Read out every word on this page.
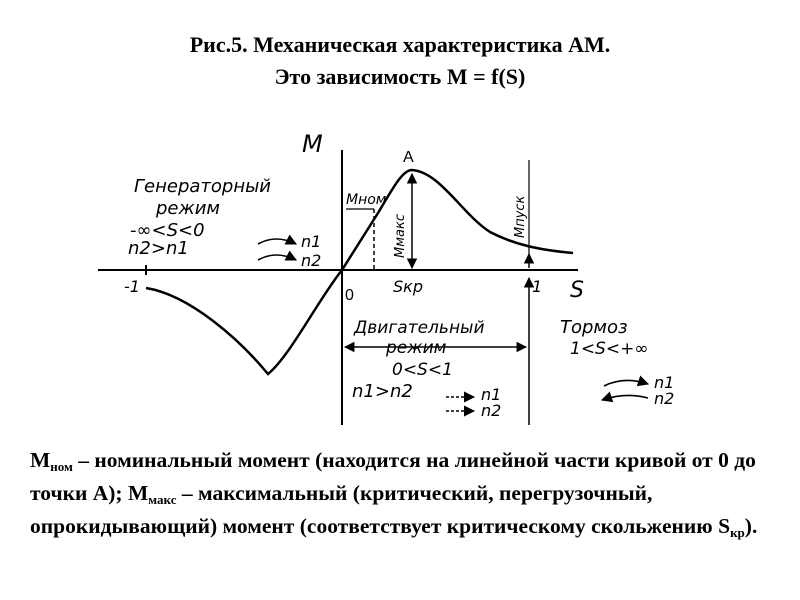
Рис.5. Механическая характеристика АМ.
Это зависимость M = f(S)
M
S
0
-1	1
A
Mном
Mмакс
Sкр
Mпуск
Генераторный
режим
-∞<S<0
n2>n1	n1
n2
Двигательный
режим
0<S<1
n1>n2	n1
n2
Тормоз
1<S<+∞
n1
n2
$M_{ном}$ – номинальный момент (находится на линейной части кривой от 0 до точки А); $M_{макс}$ – максимальный (критический, перегрузочный, опрокидывающий) момент (соответствует критическому скольжению $S_{кр}$).
